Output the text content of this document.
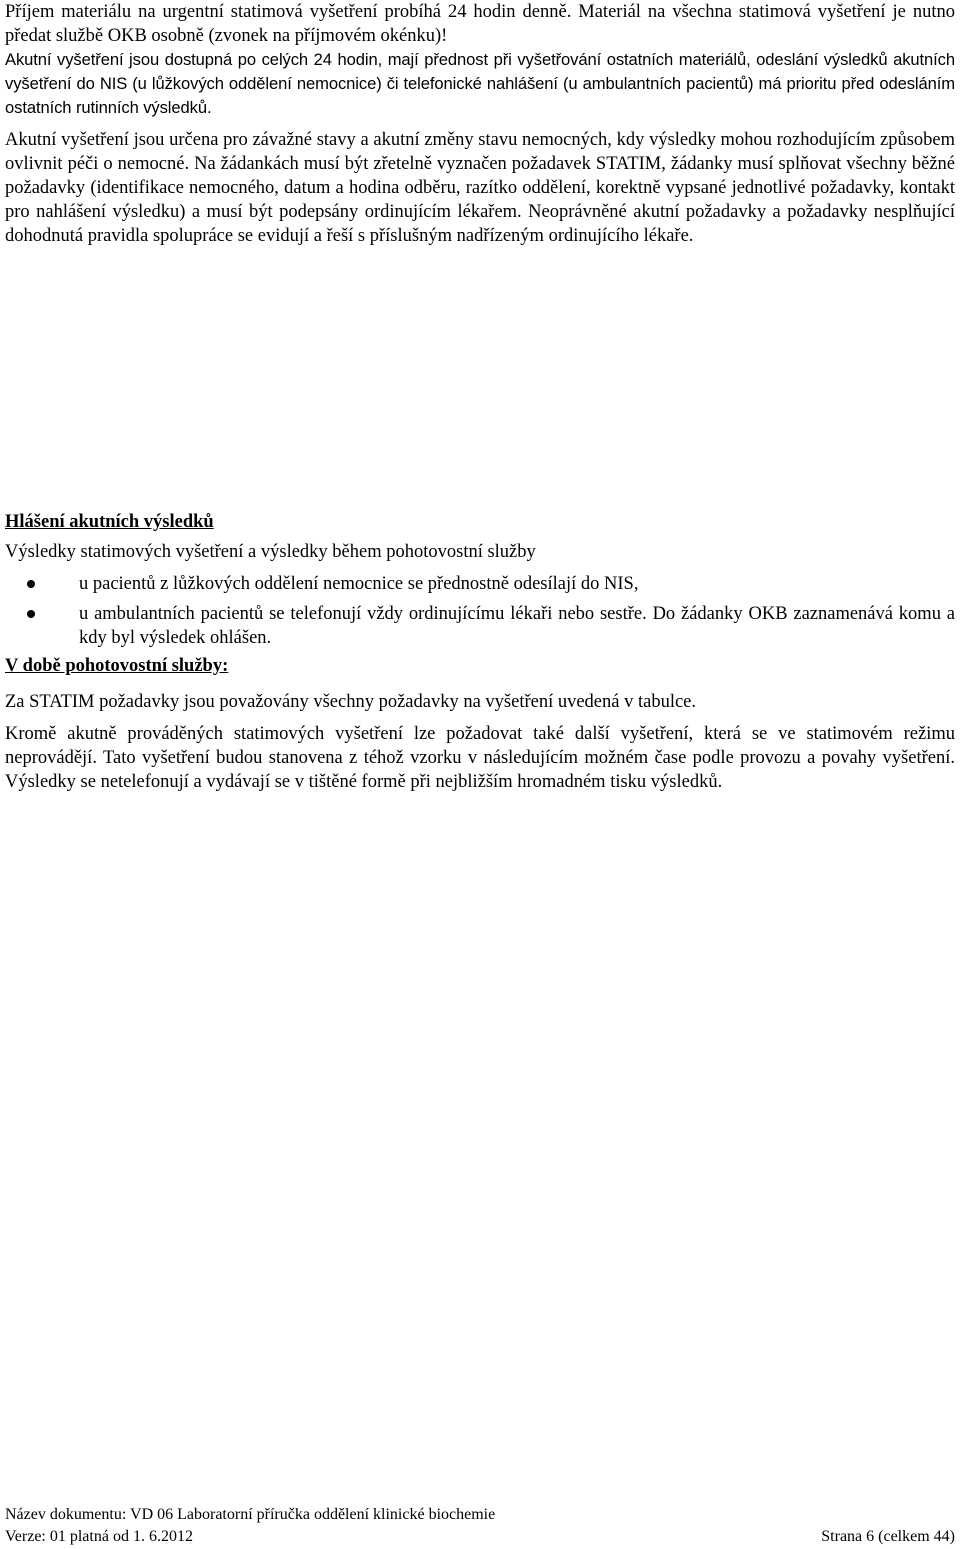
Příjem materiálu na urgentní statimová vyšetření probíhá 24 hodin denně. Materiál na všechna statimová vyšetření je nutno předat službě OKB osobně (zvonek na příjmovém okénku)!

Akutní vyšetření jsou dostupná po celých 24 hodin, mají přednost při vyšetřování ostatních materiálů, odeslání výsledků akutních vyšetření do NIS (u lůžkových oddělení nemocnice) či telefonické nahlášení (u ambulantních pacientů) má prioritu před odesláním ostatních rutinních výsledků.

Akutní vyšetření jsou určena pro závažné stavy a akutní změny stavu nemocných, kdy výsledky mohou rozhodujícím způsobem ovlivnit péči o nemocné. Na žádankách musí být zřetelně vyznačen požadavek STATIM, žádanky musí splňovat všechny běžné požadavky (identifikace nemocného, datum a hodina odběru, razítko oddělení, korektně vypsané jednotlivé požadavky, kontakt pro nahlášení výsledku) a musí být podepsány ordinujícím lékařem. Neoprávněné akutní požadavky a požadavky nesplňující dohodnutá pravidla spolupráce se evidují a řeší s příslušným nadřízeným ordinujícího lékaře.

V době pohotovostní služby:

Za STATIM požadavky jsou považovány všechny požadavky na vyšetření uvedená v tabulce.

Kromě akutně prováděných statimových vyšetření lze požadovat také další vyšetření, která se ve statimovém režimu neprovádějí. Tato vyšetření budou stanovena z téhož vzorku v následujícím možném čase podle provozu a povahy vyšetření. Výsledky se netelefonují a vydávají se v tištěné formě při nejbližším hromadném tisku výsledků.

Hlášení akutních výsledků

Výsledky statimových vyšetření a výsledky během pohotovostní služby

u pacientů z lůžkových oddělení nemocnice se přednostně odesílají do NIS,
u ambulantních pacientů se telefonují vždy ordinujícímu lékaři nebo sestře. Do žádanky OKB zaznamenává komu a kdy byl výsledek ohlášen.
Název dokumentu: VD 06 Laboratorní příručka oddělení klinické biochemie
Verze: 01 platná od 1. 6.2012	Strana 6 (celkem 44)
